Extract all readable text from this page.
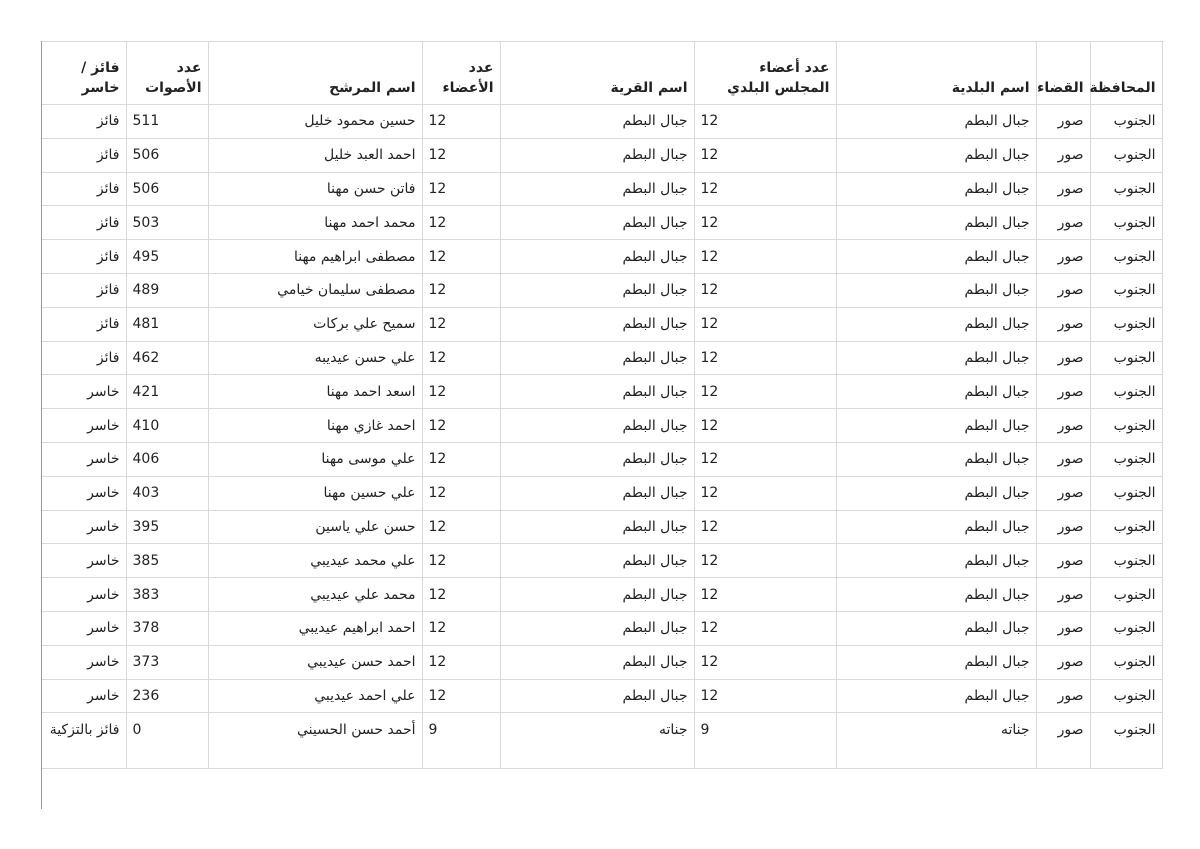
المحافظة	القضاء	اسم البلدية	عدد أعضاء المجلس البلدي	اسم القرية	عدد الأعضاء	اسم المرشح	عدد الأصوات	فائز / خاسر
الجنوب	صور	جبال البطم	12	جبال البطم	12	حسين محمود خليل	511	فائز
الجنوب	صور	جبال البطم	12	جبال البطم	12	احمد العبد خليل	506	فائز
الجنوب	صور	جبال البطم	12	جبال البطم	12	فاتن حسن مهنا	506	فائز
الجنوب	صور	جبال البطم	12	جبال البطم	12	محمد احمد مهنا	503	فائز
الجنوب	صور	جبال البطم	12	جبال البطم	12	مصطفى ابراهيم مهنا	495	فائز
الجنوب	صور	جبال البطم	12	جبال البطم	12	مصطفى سليمان خيامي	489	فائز
الجنوب	صور	جبال البطم	12	جبال البطم	12	سميح علي بركات	481	فائز
الجنوب	صور	جبال البطم	12	جبال البطم	12	علي حسن عيديبه	462	فائز
الجنوب	صور	جبال البطم	12	جبال البطم	12	اسعد احمد مهنا	421	خاسر
الجنوب	صور	جبال البطم	12	جبال البطم	12	احمد غازي مهنا	410	خاسر
الجنوب	صور	جبال البطم	12	جبال البطم	12	علي موسى مهنا	406	خاسر
الجنوب	صور	جبال البطم	12	جبال البطم	12	علي حسين مهنا	403	خاسر
الجنوب	صور	جبال البطم	12	جبال البطم	12	حسن علي ياسين	395	خاسر
الجنوب	صور	جبال البطم	12	جبال البطم	12	علي محمد عيديبي	385	خاسر
الجنوب	صور	جبال البطم	12	جبال البطم	12	محمد علي عيديبي	383	خاسر
الجنوب	صور	جبال البطم	12	جبال البطم	12	احمد ابراهيم عيديبي	378	خاسر
الجنوب	صور	جبال البطم	12	جبال البطم	12	احمد حسن عيديبي	373	خاسر
الجنوب	صور	جبال البطم	12	جبال البطم	12	علي احمد عيديبي	236	خاسر
الجنوب	صور	جناته	9	جناته	9	أحمد حسن الحسيني	0	فائز بالتزكية
